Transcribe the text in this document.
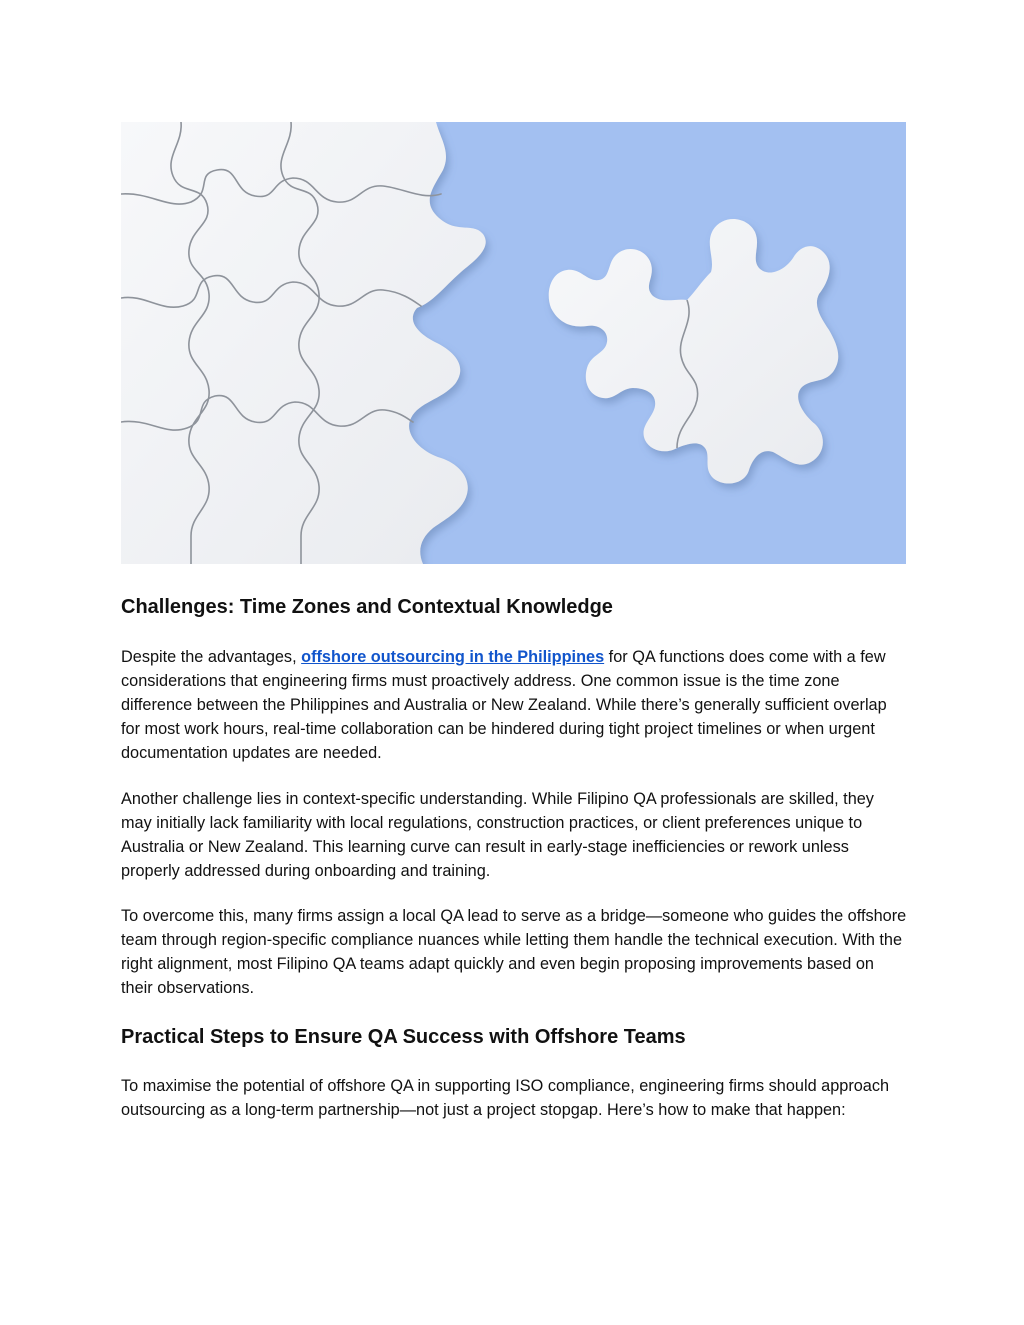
Challenges: Time Zones and Contextual Knowledge

Despite the advantages, offshore outsourcing in the Philippines for QA functions does come with a few considerations that engineering firms must proactively address. One common issue is the time zone difference between the Philippines and Australia or New Zealand. While there’s generally sufficient overlap for most work hours, real-time collaboration can be hindered during tight project timelines or when urgent documentation updates are needed.

Another challenge lies in context-specific understanding. While Filipino QA professionals are skilled, they may initially lack familiarity with local regulations, construction practices, or client preferences unique to Australia or New Zealand. This learning curve can result in early-stage inefficiencies or rework unless properly addressed during onboarding and training.

To overcome this, many firms assign a local QA lead to serve as a bridge—someone who guides the offshore team through region-specific compliance nuances while letting them handle the technical execution. With the right alignment, most Filipino QA teams adapt quickly and even begin proposing improvements based on their observations.

Practical Steps to Ensure QA Success with Offshore Teams

To maximise the potential of offshore QA in supporting ISO compliance, engineering firms should approach outsourcing as a long-term partnership—not just a project stopgap. Here’s how to make that happen:
